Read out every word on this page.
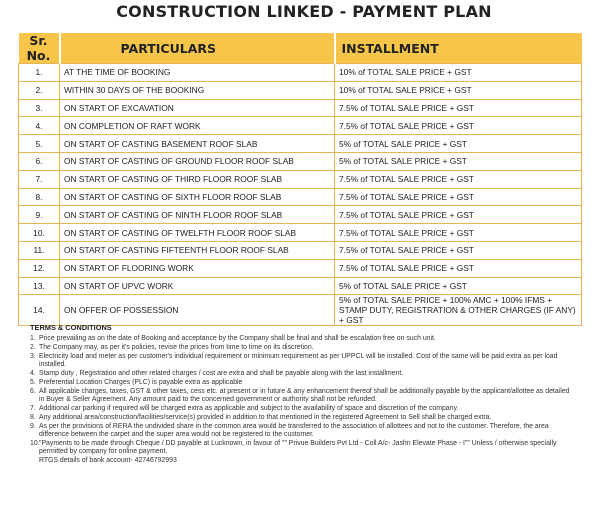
CONSTRUCTION LINKED - PAYMENT PLAN
Sr. No.	PARTICULARS	INSTALLMENT
1.	AT THE TIME OF BOOKING	10% of TOTAL SALE PRICE + GST
2.	WITHIN 30 DAYS OF THE BOOKING	10% of TOTAL SALE PRICE + GST
3.	ON START OF EXCAVATION	7.5% of TOTAL SALE PRICE + GST
4.	ON COMPLETION OF RAFT WORK	7.5% of TOTAL SALE PRICE + GST
5.	ON START OF CASTING BASEMENT ROOF SLAB	5% of TOTAL SALE PRICE + GST
6.	ON START OF CASTING OF GROUND FLOOR ROOF SLAB	5% of TOTAL SALE PRICE + GST
7.	ON START OF CASTING OF THIRD FLOOR ROOF SLAB	7.5% of TOTAL SALE PRICE + GST
8.	ON START OF CASTING OF SIXTH FLOOR ROOF SLAB	7.5% of TOTAL SALE PRICE + GST
9.	ON START OF CASTING OF NINTH FLOOR ROOF SLAB	7.5% of TOTAL SALE PRICE + GST
10.	ON START OF CASTING OF TWELFTH FLOOR ROOF SLAB	7.5% of TOTAL SALE PRICE + GST
11.	ON START OF CASTING FIFTEENTH FLOOR ROOF SLAB	7.5% of TOTAL SALE PRICE + GST
12.	ON START OF FLOORING WORK	7.5% of TOTAL SALE PRICE + GST
13.	ON START OF UPVC WORK	5% of TOTAL SALE PRICE + GST
14.	ON OFFER OF POSSESSION	5% of TOTAL SALE PRICE + 100% AMC + 100% IFMS + STAMP DUTY, REGISTRATION & OTHER CHARGES (IF ANY) + GST
TERMS & CONDITIONS
1. Price prevailing as on the date of Booking and acceptance by the Company shall be final and shall be escalation free on such unit.
2. The Company may, as per it's policies, revise the prices from time to time on its discretion.
3. Electricity load and meter as per customer's individual requirement or minimum requirement as per UPPCL will be installed. Cost of the same will be paid extra as per load installed.
4. Stamp duty , Registration and other related charges / cost are extra and shall be payable along with the last installment.
5. Preferential Location Charges (PLC) is payable extra as applicable
6. All applicable charges, taxes, GST & other taxes, cess etc. at present or in future & any enhancement thereof shall be additionally payable by the applicant/allottee as detailed in Buyer & Seller Agreement. Any amount paid to the concerned government or authority shall not be refunded.
7. Additional car parking if required will be charged extra as applicable and subject to the availability of space and discretion of the company.
8. Any additional area/construction/facilities/service(s) provided in addition to that mentioned in the registered Agreement to Sell shall be charged extra.
9. As per the provisions of RERA the undivided share in the common area would be transferred to the association of allottees and not to the customer. Therefore, the area difference between the carpet and the super area would not be registered to the customer.
10. "Payments to be made through Cheque / DD payable at Lucknown, in favour of "" Privue Builders Pvt Ltd - Coll A/c- Jashn Elevate Phase - I"" Unless / otherwise specially permitted by company for online payment.
RTGS details of bank account- 42746792993
